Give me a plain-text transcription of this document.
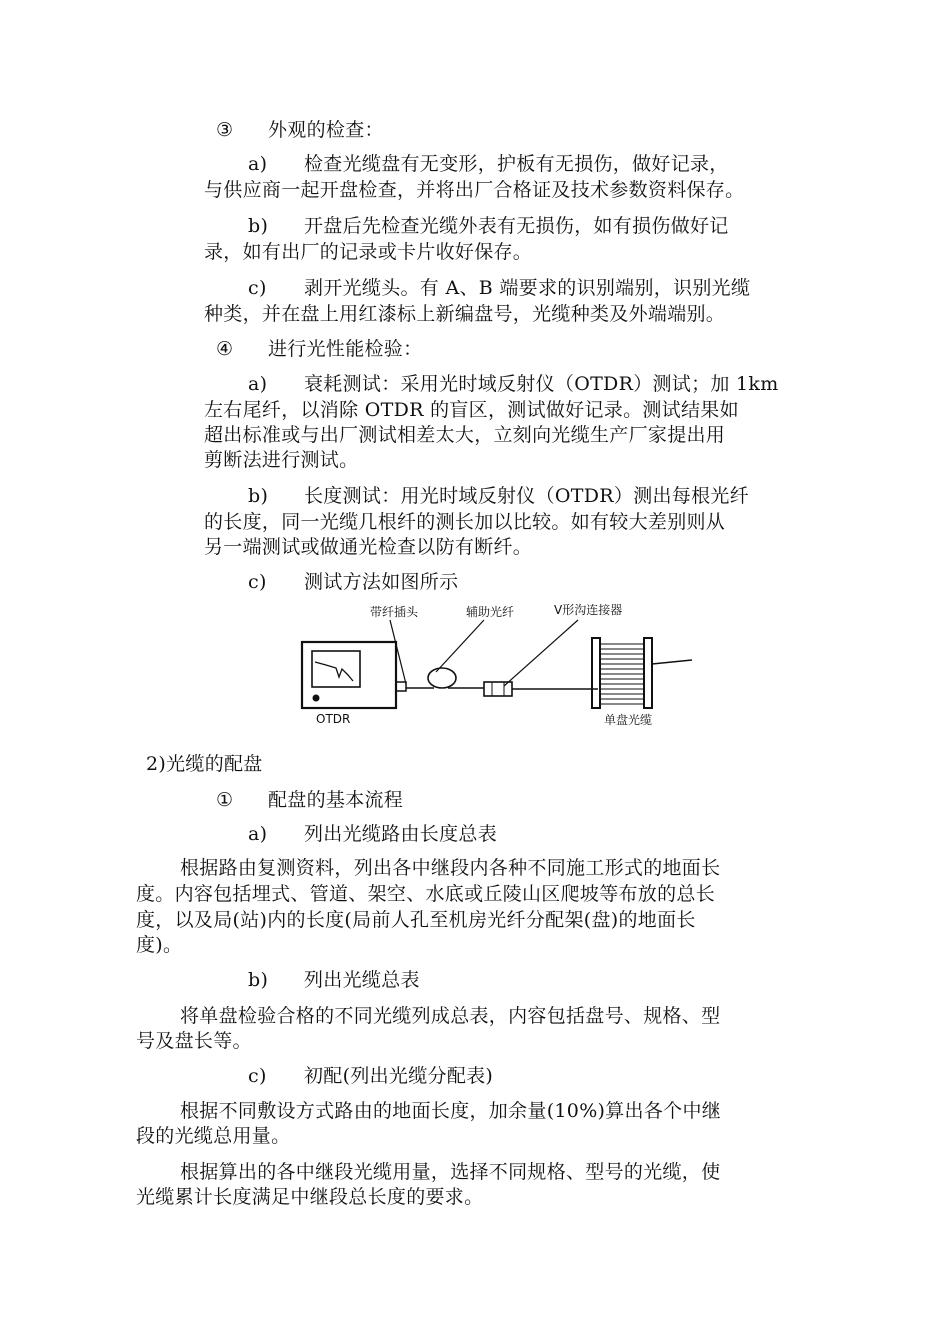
③ 外观的检查：
a) 检查光缆盘有无变形，护板有无损伤，做好记录，
与供应商一起开盘检查，并将出厂合格证及技术参数资料保存。
b) 开盘后先检查光缆外表有无损伤，如有损伤做好记
录，如有出厂的记录或卡片收好保存。
c) 剥开光缆头。有 A、B 端要求的识别端别，识别光缆
种类，并在盘上用红漆标上新编盘号，光缆种类及外端端别。
④ 进行光性能检验：
a) 衰耗测试：采用光时域反射仪（OTDR）测试；加 1km
左右尾纤，以消除 OTDR 的盲区，测试做好记录。测试结果如
超出标准或与出厂测试相差太大，立刻向光缆生产厂家提出用
剪断法进行测试。
b) 长度测试：用光时域反射仪（OTDR）测出每根光纤
的长度，同一光缆几根纤的测长加以比较。如有较大差别则从
另一端测试或做通光检查以防有断纤。
c) 测试方法如图所示
带纤插头	辅助光纤	V形沟连接器
OTDR	单盘光缆
2)光缆的配盘
① 配盘的基本流程
a) 列出光缆路由长度总表
根据路由复测资料，列出各中继段内各种不同施工形式的地面长
度。内容包括埋式、管道、架空、水底或丘陵山区爬坡等布放的总长
度，以及局(站)内的长度(局前人孔至机房光纤分配架(盘)的地面长
度)。
b) 列出光缆总表
将单盘检验合格的不同光缆列成总表，内容包括盘号、规格、型
号及盘长等。
c) 初配(列出光缆分配表)
根据不同敷设方式路由的地面长度，加余量(10%)算出各个中继
段的光缆总用量。
根据算出的各中继段光缆用量，选择不同规格、型号的光缆，使
光缆累计长度满足中继段总长度的要求。
